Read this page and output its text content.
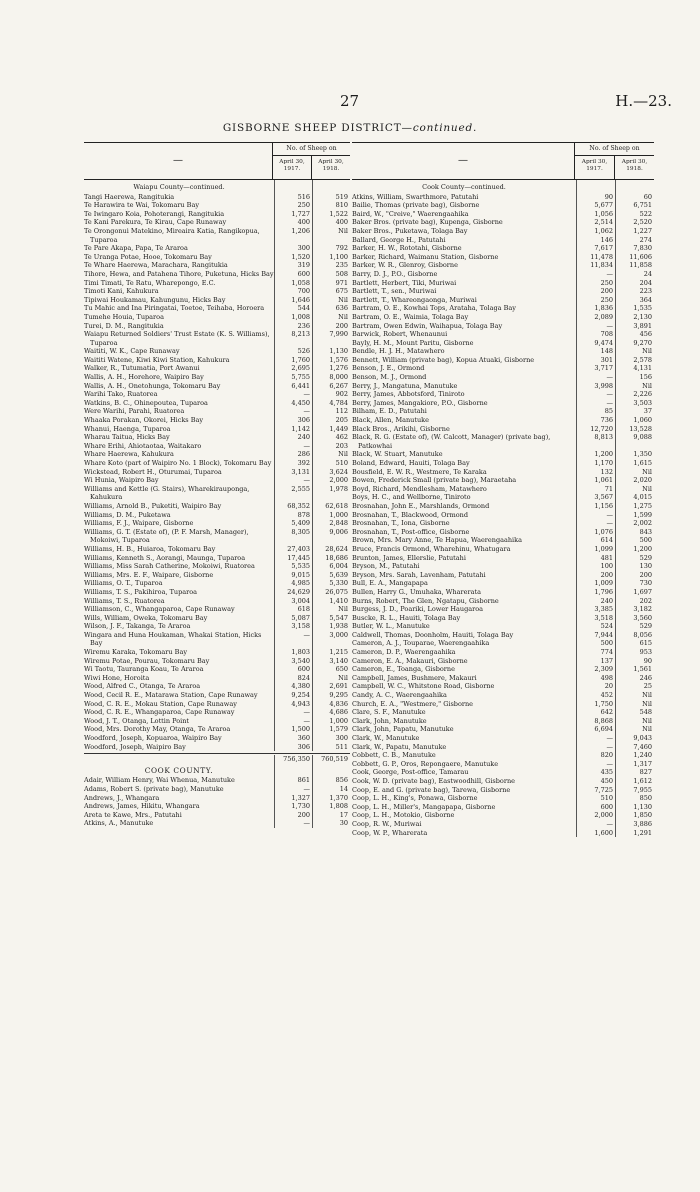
27	H.—23.
GISBORNE SHEEP DISTRICT—continued.
—
No. of Sheep on
April 30, 1917.
April 30, 1918.
Waiapu County—continued.
Tangi Haerewa, Rangitukia	516	519
Te Harawira te Wai, Tokomaru Bay	250	810
Te Iwingaro Koia, Pohoterangi, Rangitukia	1,727	1,522
Te Kani Parekura, Te Kirau, Cape Runaway	400	400
Te Orongonui Matekino, Mireaira Katia, Rangikopua, Tuparoa
1,206	Nil
Te Pare Akapa, Papa, Te Araroa	300	792
Te Uranga Potae, Hooe, Tokomaru Bay	1,520	1,100
Te Whare Haerewa, Marachara, Rangitukia	319	235
Tihore, Hewa, and Patahena Tihore, Puketuna, Hicks Bay	600	508
Timi Timati, Te Ratu, Wharepongo, E.C.	1,058	971
Timoti Kani, Kahukura	700	675
Tipiwai Houkamau, Kahungunu, Hicks Bay	1,646	Nil
Tu Mahic and Ina Piringatai, Toetoe, Teihaba, Horoera	544	636
Tumehe Houia, Tuparoa	1,008	Nil
Turei, D. M., Rangitukia	236	200
Waiapu Returned Soldiers' Trust Estate (K. S. Williams), Tuparoa
8,213	7,990
Waititi, W. K., Cape Runaway	526	1,130
Waititi Watene, Kiwi Kiwi Station, Kahukura	1,760	1,576
Walker, R., Tutumatia, Port Awanui	2,695	1,276
Wallis, A. H., Horehore, Waipiro Bay	5,755	8,000
Wallis, A. H., Onetohunga, Tokomaru Bay	6,441	6,267
Warihi Tako, Ruatorea	—	902
Watkins, B. C., Ohinepoutea, Tuparoa	4,450	4,784
Were Warihi, Parahi, Ruatorea	—	112
Whaaka Porakan, Okorei, Hicks Bay	306	205
Whanui, Haenga, Tuparoa	1,142	1,449
Wharau Taitua, Hicks Bay	240	462
Whare Erihi, Ahiotaotaa, Waitakaro	—	203
Whare Haerewa, Kahukura	286	Nil
Whare Koto (part of Waipiro No. 1 Block), Tokomaru Bay	392	510
Wickstead, Robert H., Oturumai, Tuparoa	3,131	3,624
Wi Hunia, Waipiro Bay	—	2,000
Williams and Kettle (G. Stairs), Wharekiraupongа, Kahukura
2,555	1,978
Williams, Arnold B., Puketiti, Waipiro Bay	68,352	62,618
Williams, D. M., Puketawa	878	1,000
Williams, F. J., Waipare, Gisborne	5,409	2,848
Williams, G. T. (Estate of), (P. F. Marsh, Manager), Mokoiwi, Tuparoa
8,305	9,006
Williams, H. B., Huiaroa, Tokomaru Bay	27,403	28,624
Williams, Kenneth S., Aorangi, Maunga, Tuparoa	17,445	18,686
Williams, Miss Sarah Catherine, Mokoiwi, Ruatorea	5,535	6,004
Williams, Mrs. E. F., Waipare, Gisborne	9,015	5,639
Williams, O. T., Tuparoa	4,985	5,330
Williams, T. S., Pakihiroa, Tuparoa	24,629	26,075
Williams, T. S., Ruatorea	3,004	1,410
Williamson, C., Whangaparoa, Cape Runaway	618	Nil
Wills, William, Oweka, Tokomaru Bay	5,087	5,547
Wilson, J. F., Takanga, Te Araroa	3,158	1,938
Wingara and Huna Houkaman, Whakai Station, Hicks Bay
—	3,000
Wiremu Karaka, Tokomaru Bay	1,803	1,215
Wiremu Potae, Pourau, Tokomaru Bay	3,540	3,140
Wi Taotu, Tauranga Koau, Te Araroa	600	650
Wiwi Hone, Horoita	824	Nil
Wood, Alfred C., Otanga, Te Araroa	4,380	2,691
Wood, Cecil R. E., Matarawa Station, Cape Runaway	9,254	9,295
Wood, C. R. E., Mokau Station, Cape Runaway	4,943	4,836
Wood, C. R. E., Whangaparoa, Cape Runaway	—	4,686
Wood, J. T., Otanga, Lottin Point	—	1,000
Wood, Mrs. Dorothy May, Otanga, Te Araroa	1,500	1,579
Woodford, Joseph, Kopuaroa, Waipiro Bay	360	300
Woodford, Joseph, Waipiro Bay	306	511
756,350	760,519
COOK COUNTY.
Adair, William Henry, Wai Whenua, Manutuke	861	856
Adams, Robert S. (private bag), Manutuke	—	14
Andrews, J., Whangara	1,327	1,370
Andrews, James, Hikitu, Whangara	1,730	1,808
Areta te Kawe, Mrs., Patutahi	200	17
Atkins, A., Manutuke	—	30
—
No. of Sheep on
April 30, 1917.
April 30, 1918.
Cook County—continued.
Atkins, William, Swarthmore, Patutahi	90	60
Bailie, Thomas (private bag), Gisborne	5,677	6,751
Baird, W., "Creive," Waerengaahika	1,056	522
Baker Bros. (private bag), Kupenga, Gisborne	2,514	2,520
Baker Bros., Puketawa, Tolaga Bay	1,062	1,227
Ballard, George H., Patutahi	146	274
Barker, H. W., Rototahi, Gisborne	7,617	7,830
Barker, Richard, Waimanu Station, Gisborne	11,478	11,606
Barker, W. R., Glenroy, Gisborne	11,834	11,858
Barry, D. J., P.O., Gisborne	—	24
Bartlett, Herbert, Tiki, Muriwai	250	204
Bartlett, T., sen., Muriwai	200	223
Bartlett, T., Whareongaonga, Muriwai	250	364
Bartram, O. E., Kowhai Tops, Arataha, Tolaga Bay	1,836	1,535
Bartram, O. E., Waimia, Tolaga Bay	2,089	2,130
Bartram, Owen Edwin, Waihapua, Tolaga Bay	—	3,891
Barwick, Robert, Whenaunui	708	456
Bayly, H. M., Mount Paritu, Gisborne	9,474	9,270
Bendle, H. J. H., Matawhero	148	Nil
Bennett, William (private bag), Kopua Atuaki, Gisborne	301	2,578
Benson, J. E., Ormond	3,717	4,131
Benson, M. J., Ormond	—	156
Berry, J., Mangatuna, Manutuke	3,998	Nil
Berry, James, Abbotsford, Tiniroto	—	2,226
Berry, James, Mangakiore, P.O., Gisborne	—	3,503
Bilham, E. D., Patutahi	85	37
Black, Allen, Manutuke	736	1,060
Black Bros., Arikihi, Gisborne	12,720	13,528
Black, R. G. (Estate of), (W. Calcott, Manager) (private bag), Patkowhai
8,813	9,088
Black, W. Stuart, Manutuke	1,200	1,350
Boland, Edward, Hauiti, Tolaga Bay	1,170	1,615
Bousfield, E. W. R., Westmere, Te Karaka	132	Nil
Bowen, Frederick Small (private bag), Maraetaha	1,061	2,020
Boyd, Richard, Mendlesham, Matawhero	71	Nil
Boys, H. C., and Wellborne, Tiniroto	3,567	4,015
Brosnahan, John E., Marshlands, Ormond	1,156	1,275
Brosnahan, T., Blackwood, Ormond	—	1,599
Brosnahan, T., Iona, Gisborne	—	2,002
Brosnahan, T., Post-office, Gisborne	1,076	843
Brown, Mrs. Mary Anne, Te Hapua, Waerengaahika	614	500
Bruce, Francis Ormond, Wharehinu, Whatugara	1,099	1,200
Brunton, James, Ellerslie, Patutahi	481	529
Bryson, M., Patutahi	100	130
Bryson, Mrs. Sarah, Lavenham, Patutahi	200	200
Bull, E. A., Mangapapa	1,009	730
Bullen, Harry G., Umuhaka, Wharerata	1,796	1,697
Burns, Robert, The Glen, Ngatapu, Gisborne	240	202
Burgess, J. D., Poariki, Lower Haugaroa	3,385	3,182
Buscke, R. L., Hauiti, Tolaga Bay	3,518	3,560
Butler, W. L., Manutuke	524	529
Caldwell, Thomas, Doonholm, Hauiti, Tolaga Bay	7,944	8,056
Cameron, A. J., Touparae, Waerengaahika	500	615
Cameron, D. P., Waerengaahika	774	953
Cameron, E. A., Makauri, Gisborne	137	90
Cameron, E., Toanga, Gisborne	2,309	1,561
Campbell, James, Bushmere, Makauri	498	246
Campbell, W. C., Whitstone Road, Gisborne	20	25
Candy, A. C., Waerengaahika	452	Nil
Church, E. A., "Westmere," Gisborne	1,750	Nil
Clare, S. F., Manutuke	642	548
Clark, John, Manutuke	8,868	Nil
Clark, John, Papatu, Manutuke	6,694	Nil
Clark, W., Manutuke	—	9,043
Clark, W., Papatu, Manutuke	—	7,460
Cobbett, C. B., Manutuke	820	1,240
Cobbett, G. P., Oros, Repongaere, Manutuke	—	1,317
Cook, George, Post-office, Tamarau	435	827
Cook, W. D. (private bag), Eastwoodhill, Gisborne	450	1,612
Coop, E. and G. (private bag), Tarewa, Gisborne	7,725	7,955
Coop, L. H., King's, Ponawa, Gisborne	510	850
Coop, L. H., Miller's, Mangapapa, Gisborne	600	1,130
Coop, L. H., Motokio, Gisborne	2,000	1,850
Coop, R. W., Muriwai	—	3,886
Coop, W. P., Wharerata	1,600	1,291
